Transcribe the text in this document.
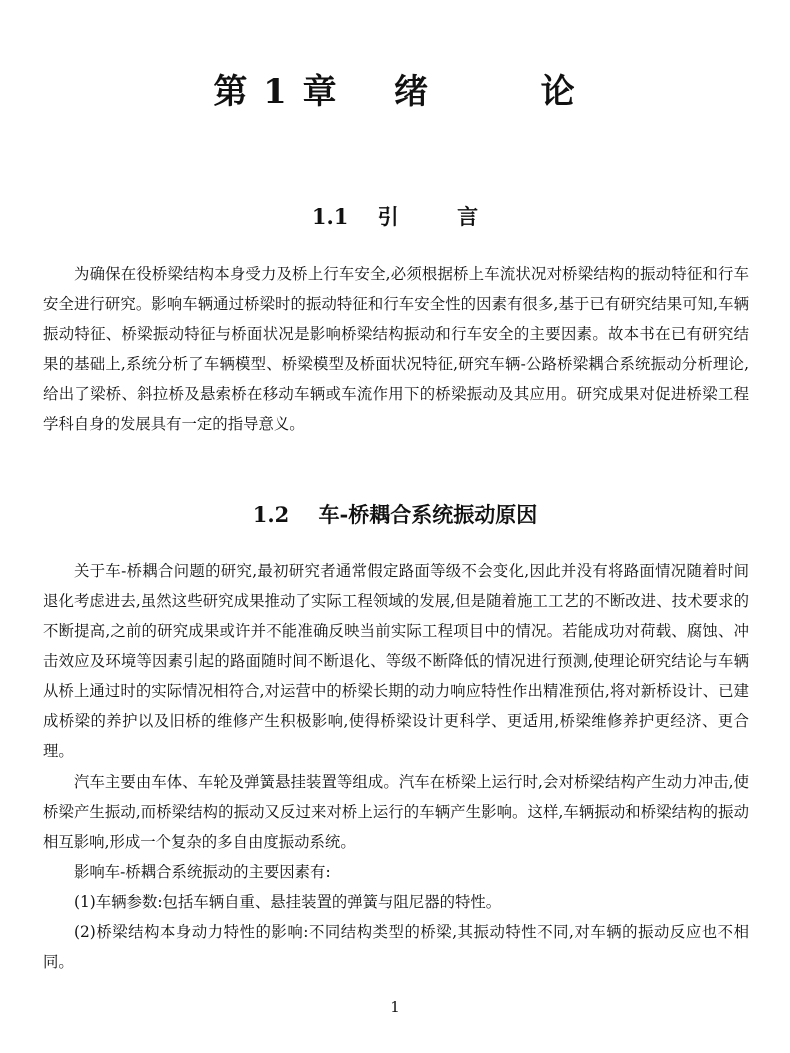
第 1 章    绪        论
1.1    引        言

为确保在役桥梁结构本身受力及桥上行车安全,必须根据桥上车流状况对桥梁结构的振动特征和行车安全进行研究。影响车辆通过桥梁时的振动特征和行车安全性的因素有很多,基于已有研究结果可知,车辆振动特征、桥梁振动特征与桥面状况是影响桥梁结构振动和行车安全的主要因素。故本书在已有研究结果的基础上,系统分析了车辆模型、桥梁模型及桥面状况特征,研究车辆-公路桥梁耦合系统振动分析理论,给出了梁桥、斜拉桥及悬索桥在移动车辆或车流作用下的桥梁振动及其应用。研究成果对促进桥梁工程学科自身的发展具有一定的指导意义。

1.2    车-桥耦合系统振动原因

关于车-桥耦合问题的研究,最初研究者通常假定路面等级不会变化,因此并没有将路面情况随着时间退化考虑进去,虽然这些研究成果推动了实际工程领域的发展,但是随着施工工艺的不断改进、技术要求的不断提高,之前的研究成果或许并不能准确反映当前实际工程项目中的情况。若能成功对荷载、腐蚀、冲击效应及环境等因素引起的路面随时间不断退化、等级不断降低的情况进行预测,使理论研究结论与车辆从桥上通过时的实际情况相符合,对运营中的桥梁长期的动力响应特性作出精准预估,将对新桥设计、已建成桥梁的养护以及旧桥的维修产生积极影响,使得桥梁设计更科学、更适用,桥梁维修养护更经济、更合理。

汽车主要由车体、车轮及弹簧悬挂装置等组成。汽车在桥梁上运行时,会对桥梁结构产生动力冲击,使桥梁产生振动,而桥梁结构的振动又反过来对桥上运行的车辆产生影响。这样,车辆振动和桥梁结构的振动相互影响,形成一个复杂的多自由度振动系统。

影响车-桥耦合系统振动的主要因素有:

(1)车辆参数:包括车辆自重、悬挂装置的弹簧与阻尼器的特性。

(2)桥梁结构本身动力特性的影响:不同结构类型的桥梁,其振动特性不同,对车辆的振动反应也不相同。

1
